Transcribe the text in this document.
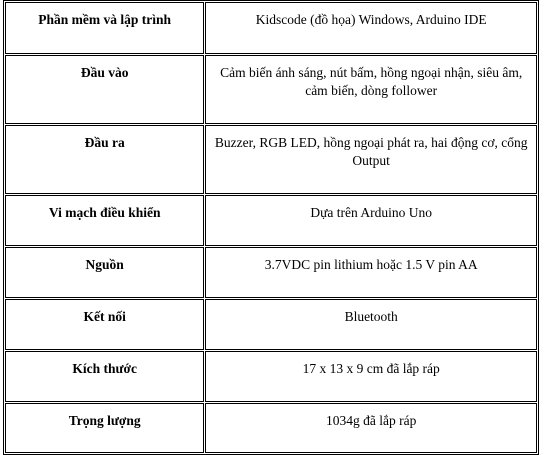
Phần mềm và lập trình	Kidscode (đồ họa) Windows, Arduino IDE
Đầu vào	Cảm biến ánh sáng, nút bấm, hồng ngoại nhận, siêu âm, cảm biến, dòng follower
Đầu ra	Buzzer, RGB LED, hồng ngoại phát ra, hai động cơ, cổng Output
Vi mạch điều khiển	Dựa trên Arduino Uno
Nguồn	3.7VDC pin lithium hoặc 1.5 V pin AA
Kết nối	Bluetooth
Kích thước	17 x 13 x 9 cm đã lắp ráp
Trọng lượng	1034g đã lắp ráp
